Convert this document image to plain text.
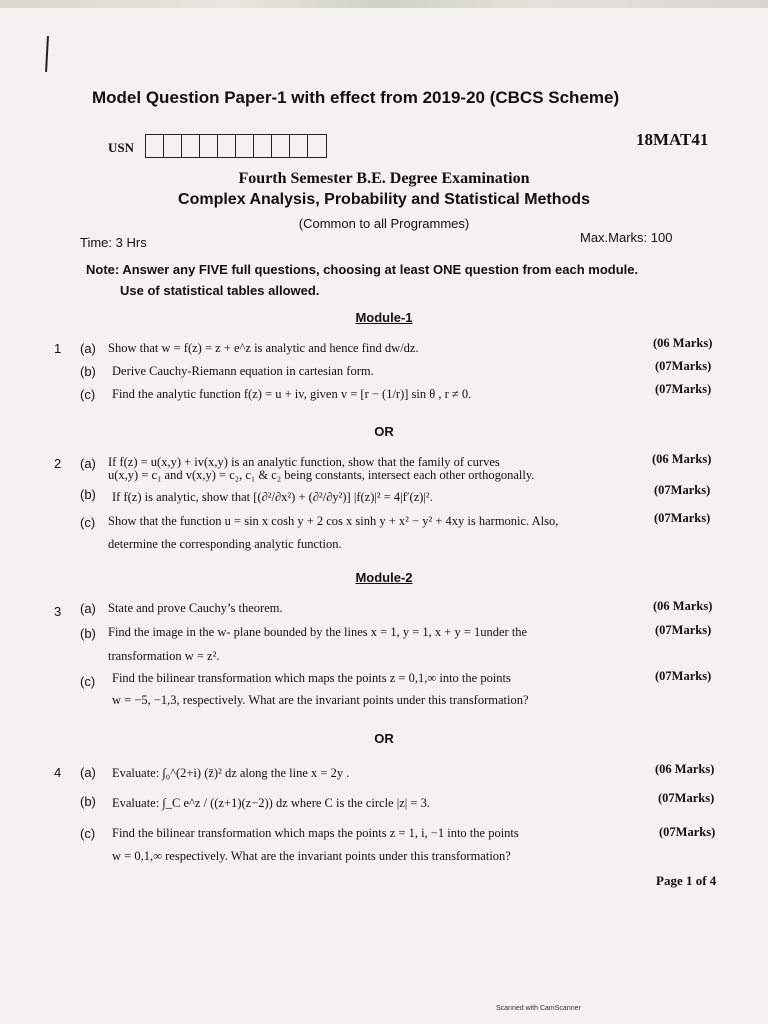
Model Question Paper-1 with effect from 2019-20 (CBCS Scheme)
USN	18MAT41
Fourth Semester B.E. Degree Examination
Complex Analysis, Probability and Statistical Methods
(Common to all Programmes)
Time: 3 Hrs	Max.Marks: 100
Note: Answer any FIVE full questions, choosing at least ONE question from each module.
Use of statistical tables allowed.
Module-1
1 (a) Show that w = f(z) = z + e^z is analytic and hence find dw/dz.	(06 Marks)
(b) Derive Cauchy-Riemann equation in cartesian form.	(07Marks)
(c) Find the analytic function f(z) = u + iv, given v = [r − (1/r)] sin θ , r ≠ 0.	(07Marks)
OR
2 (a) If f(z) = u(x,y) + iv(x,y) is an analytic function, show that the family of curves
u(x,y) = c₁ and v(x,y) = c₂, c₁ & c₂ being constants, intersect each other orthogonally.
(06 Marks)
(b) If f(z) is analytic, show that [(∂²/∂x²) + (∂²/∂y²)] |f(z)|² = 4|f′(z)|².	(07Marks)
(c) Show that the function u = sin x cosh y + 2 cos x sinh y + x² − y² + 4xy is harmonic. Also,
determine the corresponding analytic function.
(07Marks)
Module-2
3 (a) State and prove Cauchy’s theorem.	(06 Marks)
(b) Find the image in the w- plane bounded by the lines x = 1, y = 1, x + y = 1under the
transformation w = z².
(07Marks)
(c) Find the bilinear transformation which maps the points z = 0,1,∞ into the points
w = −5, −1,3, respectively. What are the invariant points under this transformation?
(07Marks)
OR
4 (a) Evaluate: ∫₀^(2+i) (z̄)² dz along the line x = 2y .	(06 Marks)
(b) Evaluate: ∫_C e^z / ((z+1)(z−2)) dz where C is the circle |z| = 3.	(07Marks)
(c) Find the bilinear transformation which maps the points z = 1, i, −1 into the points
w = 0,1,∞ respectively. What are the invariant points under this transformation?
(07Marks)
Page 1 of 4
Scanned with CamScanner
